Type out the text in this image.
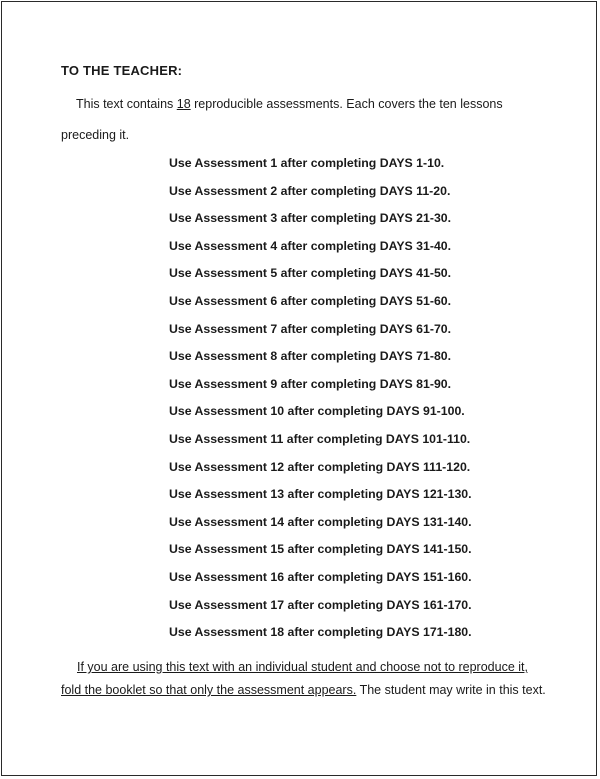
TO THE TEACHER:
This text contains 18 reproducible assessments. Each covers the ten lessons
preceding it.
Use Assessment 1 after completing DAYS 1-10.
Use Assessment 2 after completing DAYS 11-20.
Use Assessment 3 after completing DAYS 21-30.
Use Assessment 4 after completing DAYS 31-40.
Use Assessment 5 after completing DAYS 41-50.
Use Assessment 6 after completing DAYS 51-60.
Use Assessment 7 after completing DAYS 61-70.
Use Assessment 8 after completing DAYS 71-80.
Use Assessment 9 after completing DAYS 81-90.
Use Assessment 10 after completing DAYS 91-100.
Use Assessment 11 after completing DAYS 101-110.
Use Assessment 12 after completing DAYS 111-120.
Use Assessment 13 after completing DAYS 121-130.
Use Assessment 14 after completing DAYS 131-140.
Use Assessment 15 after completing DAYS 141-150.
Use Assessment 16 after completing DAYS 151-160.
Use Assessment 17 after completing DAYS 161-170.
Use Assessment 18 after completing DAYS 171-180.
If you are using this text with an individual student and choose not to reproduce it,
fold the booklet so that only the assessment appears. The student may write in this text.
